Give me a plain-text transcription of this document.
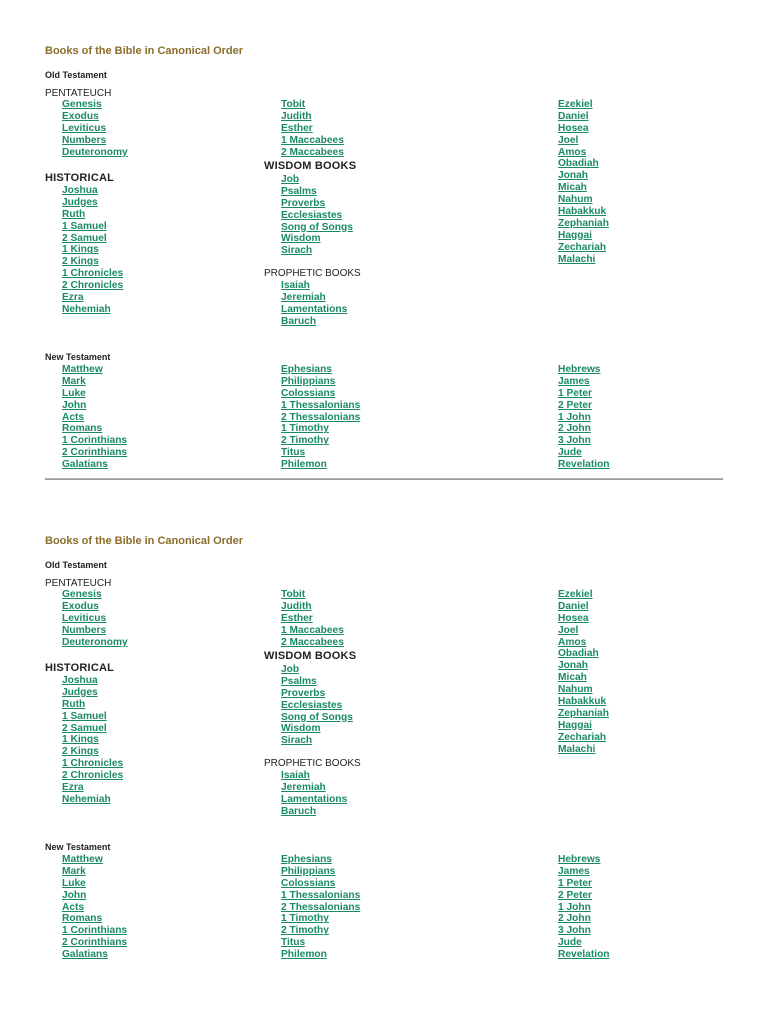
Books of the Bible in Canonical Order
Old Testament
PENTATEUCH
Genesis
Exodus
Leviticus
Numbers
Deuteronomy
HISTORICAL
Joshua
Judges
Ruth
1 Samuel
2 Samuel
1 Kings
2 Kings
1 Chronicles
2 Chronicles
Ezra
Nehemiah
Tobit
Judith
Esther
1 Maccabees
2 Maccabees
WISDOM BOOKS
Job
Psalms
Proverbs
Ecclesiastes
Song of Songs
Wisdom
Sirach
PROPHETIC BOOKS
Isaiah
Jeremiah
Lamentations
Baruch
Ezekiel
Daniel
Hosea
Joel
Amos
Obadiah
Jonah
Micah
Nahum
Habakkuk
Zephaniah
Haggai
Zechariah
Malachi
New Testament
Matthew
Mark
Luke
John
Acts
Romans
1 Corinthians
2 Corinthians
Galatians
Ephesians
Philippians
Colossians
1 Thessalonians
2 Thessalonians
1 Timothy
2 Timothy
Titus
Philemon
Hebrews
James
1 Peter
2 Peter
1 John
2 John
3 John
Jude
Revelation
Books of the Bible in Canonical Order
Old Testament
PENTATEUCH
Genesis
Exodus
Leviticus
Numbers
Deuteronomy
HISTORICAL
Joshua
Judges
Ruth
1 Samuel
2 Samuel
1 Kings
2 Kings
1 Chronicles
2 Chronicles
Ezra
Nehemiah
Tobit
Judith
Esther
1 Maccabees
2 Maccabees
WISDOM BOOKS
Job
Psalms
Proverbs
Ecclesiastes
Song of Songs
Wisdom
Sirach
PROPHETIC BOOKS
Isaiah
Jeremiah
Lamentations
Baruch
Ezekiel
Daniel
Hosea
Joel
Amos
Obadiah
Jonah
Micah
Nahum
Habakkuk
Zephaniah
Haggai
Zechariah
Malachi
New Testament
Matthew
Mark
Luke
John
Acts
Romans
1 Corinthians
2 Corinthians
Galatians
Ephesians
Philippians
Colossians
1 Thessalonians
2 Thessalonians
1 Timothy
2 Timothy
Titus
Philemon
Hebrews
James
1 Peter
2 Peter
1 John
2 John
3 John
Jude
Revelation
